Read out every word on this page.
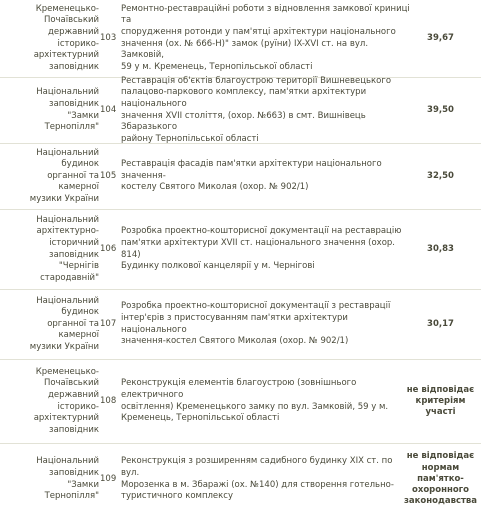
Кременецько-
Почаївський
державний
історико-
архітектурний
заповідник
103
Ремонтно-реставраційні роботи з відновлення замкової криниці та
спорудження ротонди у пам'ятці архітектури національного
значення (ох. № 666-Н)" замок (руїни) IX-XVI ст. на вул. Замковій,
59 у м. Кременець, Тернопільської області
39,67
Національний
заповідник
"Замки
Тернопілля"
104
Реставрація об'єктів благоустрою території Вишневецького
палацово-паркового комплексу, пам'ятки архітектури національного
значення XVII століття, (охор. №663) в смт. Вишнівець Збаразького
району Тернопільської області
39,50
Національний
будинок
органної та
камерної
музики України
105
Реставрація фасадів пам'ятки архітектури національного значення-
костелу Святого Миколая (охор. № 902/1)
32,50
Національний
архітектурно-
історичний
заповідник
"Чернігів
стародавній"
106
Розробка проектно-кошторисної документації на реставрацію
пам'ятки архітектури XVII ст. національного значення (охор. 814)
Будинку полкової канцелярії у м. Чернігові
30,83
Національний
будинок
органної та
камерної
музики України
107
Розробка проектно-кошторисної документації з реставрації
інтер'єрів з пристосуванням пам'ятки архітектури національного
значення-костел Святого Миколая (охор. № 902/1)
30,17
Кременецько-
Почаївський
державний
історико-
архітектурний
заповідник
108
Реконструкція елементів благоустрою (зовнішнього електричного
освітлення) Кременецького замку по вул. Замковій, 59 у м.
Кременець, Тернопільської області
не відповідає
критеріям
участі
Національний
заповідник
"Замки
Тернопілля"
109
Реконструкція з розширенням садибного будинку XIX ст. по вул.
Морозенка в м. Збаражі (ох. №140) для створення готельно-
туристичного комплексу
не відповідає
нормам
пам'ятко-
охоронного
законодавства
